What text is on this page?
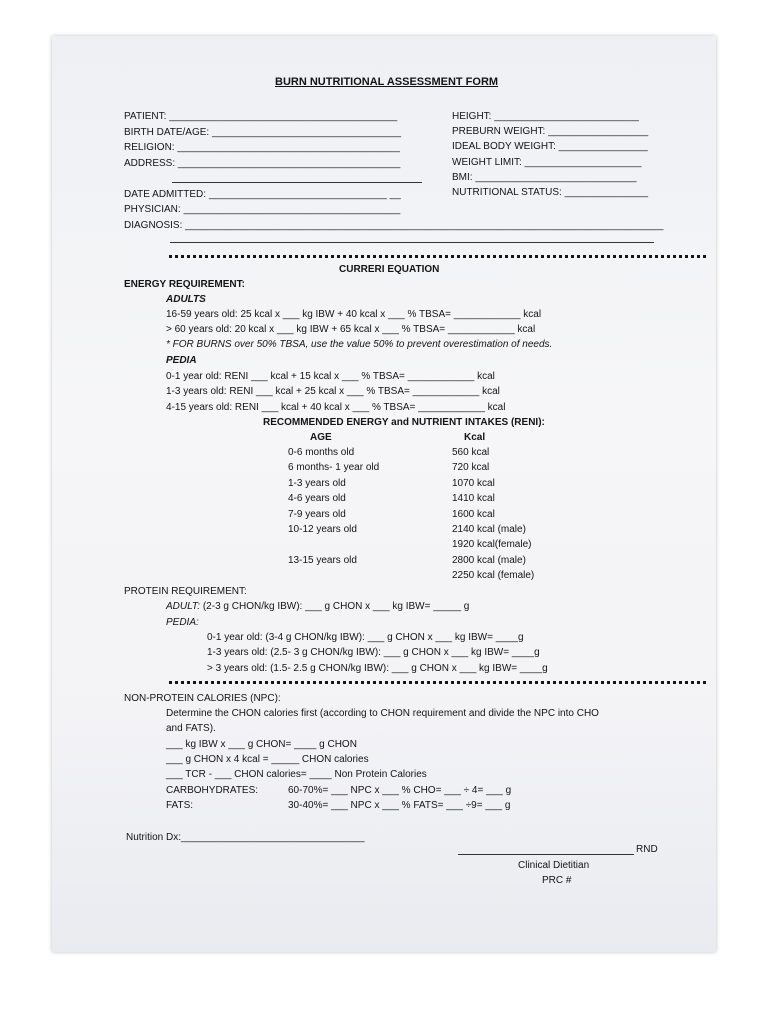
BURN NUTRITIONAL ASSESSMENT FORM
PATIENT: _________________________________________
BIRTH DATE/AGE: __________________________________
RELIGION: ________________________________________
ADDRESS: ________________________________________
DATE ADMITTED: ________________________________ __
PHYSICIAN: _______________________________________
DIAGNOSIS: ______________________________________________________________________________________
HEIGHT: __________________________
PREBURN WEIGHT: __________________
IDEAL BODY WEIGHT: ________________
WEIGHT LIMIT: _____________________
BMI: _____________________________
NUTRITIONAL STATUS: _______________
CURRERI EQUATION
ENERGY REQUIREMENT:
ADULTS
16-59 years old: 25 kcal x ___ kg IBW + 40 kcal x ___ % TBSA= ____________ kcal
> 60 years old: 20 kcal x ___ kg IBW + 65 kcal x ___ % TBSA= ____________ kcal
* FOR BURNS over 50% TBSA, use the value 50% to prevent overestimation of needs.
PEDIA
0-1 year old: RENI ___ kcal + 15 kcal x ___ % TBSA= ____________ kcal
1-3 years old: RENI ___ kcal + 25 kcal x ___ % TBSA= ____________ kcal
4-15 years old: RENI ___ kcal + 40 kcal x ___ % TBSA= ____________ kcal
RECOMMENDED ENERGY and NUTRIENT INTAKES (RENI):
AGE	Kcal
0-6 months old	560 kcal
6 months- 1 year old	720 kcal
1-3 years old	1070 kcal
4-6 years old	1410 kcal
7-9 years old	1600 kcal
10-12 years old	2140 kcal (male)
1920 kcal(female)
13-15 years old	2800 kcal (male)
2250 kcal (female)
PROTEIN REQUIREMENT:
ADULT: (2-3 g CHON/kg IBW): ___ g CHON x ___ kg IBW= _____ g
PEDIA:
0-1 year old: (3-4 g CHON/kg IBW): ___ g CHON x ___ kg IBW= ____g
1-3 years old: (2.5- 3 g CHON/kg IBW): ___ g CHON x ___ kg IBW= ____g
> 3 years old: (1.5- 2.5 g CHON/kg IBW): ___ g CHON x ___ kg IBW= ____g
NON-PROTEIN CALORIES (NPC):
Determine the CHON calories first (according to CHON requirement and divide the NPC into CHO
and FATS).
___ kg IBW x ___ g CHON= ____ g CHON
___ g CHON x 4 kcal = _____ CHON calories
___ TCR - ___ CHON calories= ____ Non Protein Calories
CARBOHYDRATES:	60-70%= ___ NPC x ___ % CHO= ___ ÷ 4= ___ g
FATS:	30-40%= ___ NPC x ___ % FATS= ___ ÷9= ___ g
Nutrition Dx:_________________________________
RND
Clinical Dietitian
PRC #
